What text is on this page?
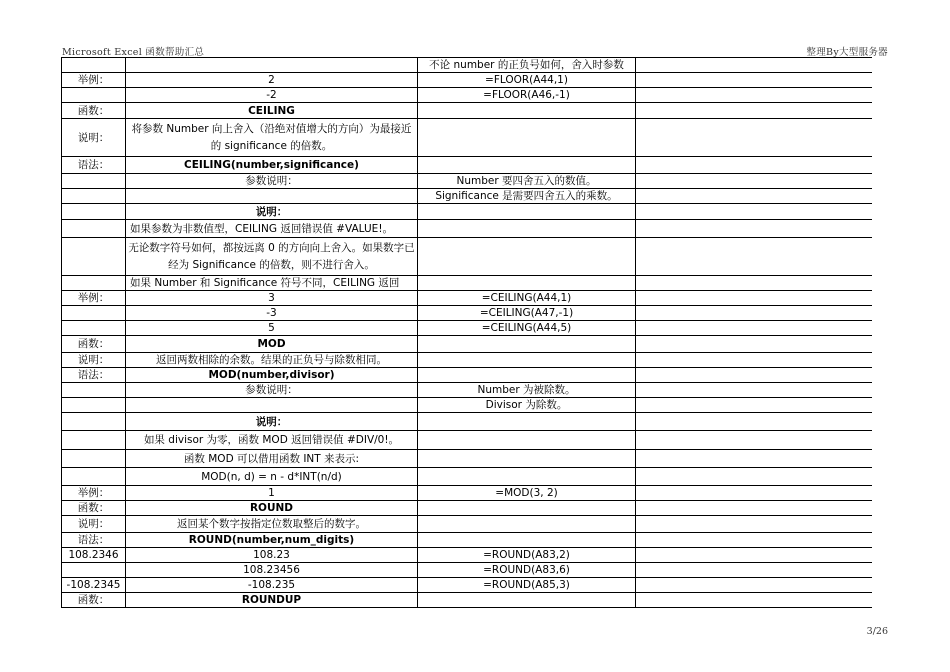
Microsoft Excel 函数帮助汇总	整理By大型服务器
		不论 number 的正负号如何，舍入时参数	
举例：	2	=FLOOR(A44,1)	
	-2	=FLOOR(A46,-1)	
函数：	CEILING		
说明：	将参数 Number 向上舍入（沿绝对值增大的方向）为最接近的 significance 的倍数。		
语法：	CEILING(number,significance)		
	参数说明：	Number 要四舍五入的数值。	
		Significance 是需要四舍五入的乘数。	
	说明：		
	如果参数为非数值型，CEILING 返回错误值 #VALUE!。		
	无论数字符号如何，都按远离 0 的方向向上舍入。如果数字已经为 Significance 的倍数，则不进行舍入。		
	如果 Number 和 Significance 符号不同，CEILING 返回		
举例：	3	=CEILING(A44,1)	
	-3	=CEILING(A47,-1)	
	5	=CEILING(A44,5)	
函数：	MOD		
说明：	返回两数相除的余数。结果的正负号与除数相同。		
语法：	MOD(number,divisor)		
	参数说明：	Number 为被除数。	
		Divisor 为除数。	
	说明：		
	如果 divisor 为零，函数 MOD 返回错误值 #DIV/0!。		
	函数 MOD 可以借用函数 INT 来表示:		
	MOD(n, d) = n - d*INT(n/d)		
举例：	1	=MOD(3, 2)	
函数：	ROUND		
说明：	返回某个数字按指定位数取整后的数字。		
语法：	ROUND(number,num_digits)		
108.2346	108.23	=ROUND(A83,2)	
	108.23456	=ROUND(A83,6)	
-108.2345	-108.235	=ROUND(A85,3)	
函数：	ROUNDUP		
3/26
